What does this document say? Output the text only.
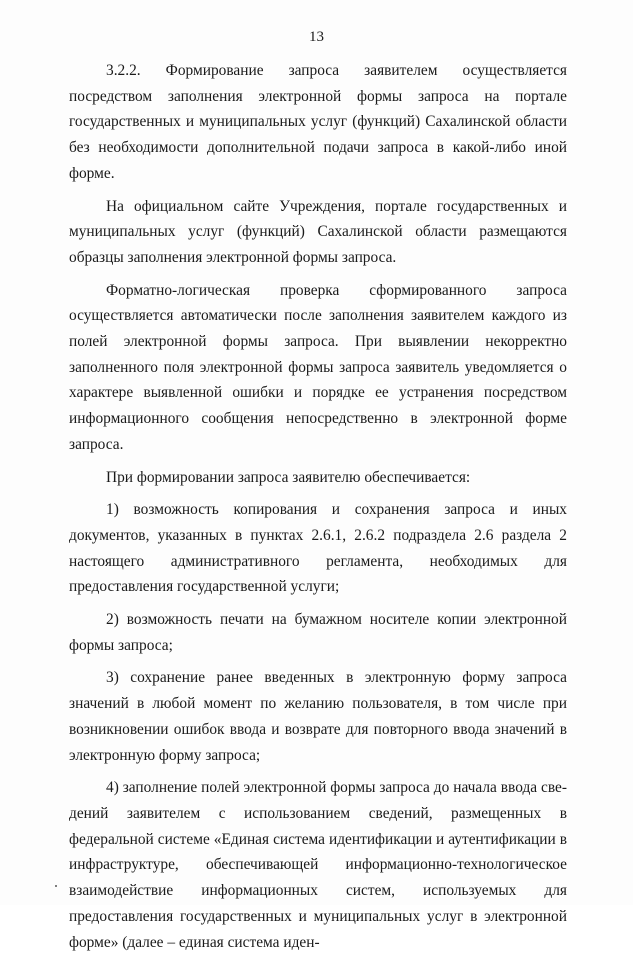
13

3.2.2. Формирование запроса заявителем осуществляется посредством заполнения электронной формы запроса на портале государственных и муниципальных услуг (функций) Сахалинской области без необходимости дополнительной подачи запроса в какой-либо иной форме.

На официальном сайте Учреждения, портале государственных и муниципальных услуг (функций) Сахалинской области размещаются образцы заполнения электронной формы запроса.

Форматно-логическая проверка сформированного запроса осуществляется автоматически после заполнения заявителем каждого из полей электронной формы запроса. При выявлении некорректно заполненного поля электронной формы запроса заявитель уведомляется о характере выявленной ошибки и порядке ее устранения посредством информационного сообщения непосредственно в электронной форме запроса.

При формировании запроса заявителю обеспечивается:

1) возможность копирования и сохранения запроса и иных документов, указанных в пунктах 2.6.1, 2.6.2 подраздела 2.6 раздела 2 настоящего административного регламента, необходимых для предоставления государственной услуги;

2) возможность печати на бумажном носителе копии электронной формы запроса;

3) сохранение ранее введенных в электронную форму запроса значений в любой момент по желанию пользователя, в том числе при возникновении ошибок ввода и возврате для повторного ввода значений в электронную форму запроса;

4) заполнение полей электронной формы запроса до начала ввода сведений заявителем с использованием сведений, размещенных в федеральной системе «Единая система идентификации и аутентификации в инфраструктуре, обеспечивающей информационно-технологическое взаимодействие информационных систем, используемых для предоставления государственных и муниципальных услуг в электронной форме» (далее – единая система иден-
